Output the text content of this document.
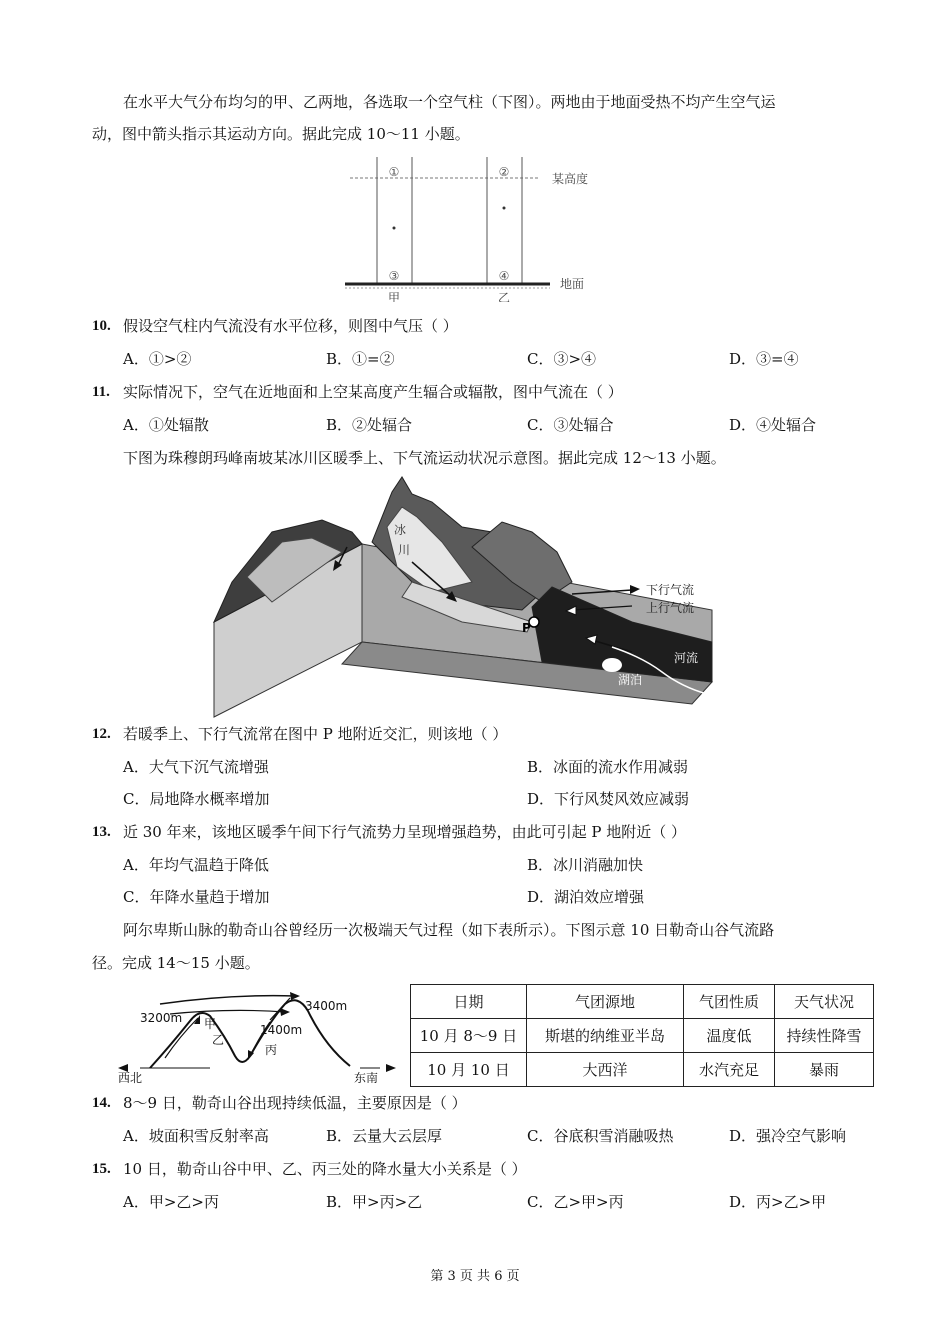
在水平大气分布均匀的甲、乙两地，各选取一个空气柱（下图）。两地由于地面受热不均产生空气运
动，图中箭头指示其运动方向。据此完成 10～11 小题。
①	②
③	④
某高度
地面
甲	乙
10. 假设空气柱内气流没有水平位移，则图中气压（ ）
A．①>②	B．①=②	C．③>④	D．③=④
11. 实际情况下，空气在近地面和上空某高度产生辐合或辐散，图中气流在（ ）
A．①处辐散	B．②处辐合	C．③处辐合	D．④处辐合
下图为珠穆朗玛峰南坡某冰川区暖季上、下气流运动状况示意图。据此完成 12～13 小题。
P
冰
川
下行气流
上行气流
河流
湖泊
12. 若暖季上、下行气流常在图中 P 地附近交汇，则该地（ ）
A．大气下沉气流增强	B．冰面的流水作用减弱
C．局地降水概率增加	D．下行风焚风效应减弱
13. 近 30 年来，该地区暖季午间下行气流势力呈现增强趋势，由此可引起 P 地附近（ ）
A．年均气温趋于降低	B．冰川消融加快
C．年降水量趋于增加	D．湖泊效应增强
阿尔卑斯山脉的勒奇山谷曾经历一次极端天气过程（如下表所示）。下图示意 10 日勒奇山谷气流路
径。完成 14～15 小题。
3200m
3400m
1400m
甲
乙
丙
西北	东南
日期	气团源地	气团性质	天气状况
10 月 8～9 日	斯堪的纳维亚半岛	温度低	持续性降雪
10 月 10 日	大西洋	水汽充足	暴雨
14. 8～9 日，勒奇山谷出现持续低温，主要原因是（ ）
A．坡面积雪反射率高	B．云量大云层厚	C．谷底积雪消融吸热	D．强冷空气影响
15. 10 日，勒奇山谷中甲、乙、丙三处的降水量大小关系是（ ）
A．甲>乙>丙	B．甲>丙>乙	C．乙>甲>丙	D．丙>乙>甲
第 3 页 共 6 页
